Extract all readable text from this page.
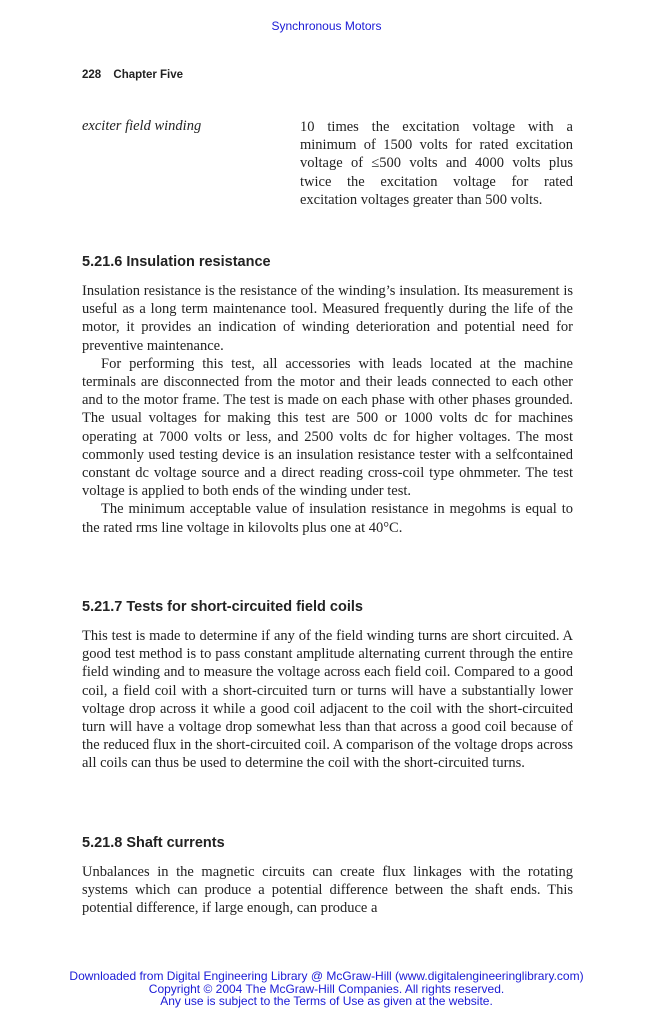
Synchronous Motors
228 Chapter Five
exciter field winding	10 times the excitation voltage with a minimum of 1500 volts for rated excitation voltage of ≤500 volts and 4000 volts plus twice the excitation voltage for rated excitation voltages greater than 500 volts.
5.21.6 Insulation resistance

Insulation resistance is the resistance of the winding’s insulation. Its measurement is useful as a long term maintenance tool. Measured frequently during the life of the motor, it provides an indication of winding deterioration and potential need for preventive maintenance.

For performing this test, all accessories with leads located at the machine terminals are disconnected from the motor and their leads connected to each other and to the motor frame. The test is made on each phase with other phases grounded. The usual voltages for making this test are 500 or 1000 volts dc for machines operating at 7000 volts or less, and 2500 volts dc for higher voltages. The most commonly used testing device is an insulation resistance tester with a selfcontained constant dc voltage source and a direct reading cross-coil type ohmmeter. The test voltage is applied to both ends of the winding under test.

The minimum acceptable value of insulation resistance in megohms is equal to the rated rms line voltage in kilovolts plus one at 40°C.

5.21.7 Tests for short-circuited field coils

This test is made to determine if any of the field winding turns are short circuited. A good test method is to pass constant amplitude alternating current through the entire field winding and to measure the voltage across each field coil. Compared to a good coil, a field coil with a short-circuited turn or turns will have a substantially lower voltage drop across it while a good coil adjacent to the coil with the short-circuited turn will have a voltage drop somewhat less than that across a good coil because of the reduced flux in the short-circuited coil. A comparison of the voltage drops across all coils can thus be used to determine the coil with the short-circuited turns.

5.21.8 Shaft currents

Unbalances in the magnetic circuits can create flux linkages with the rotating systems which can produce a potential difference between the shaft ends. This potential difference, if large enough, can produce a

Downloaded from Digital Engineering Library @ McGraw-Hill (www.digitalengineeringlibrary.com)
Copyright © 2004 The McGraw-Hill Companies. All rights reserved.
Any use is subject to the Terms of Use as given at the website.
